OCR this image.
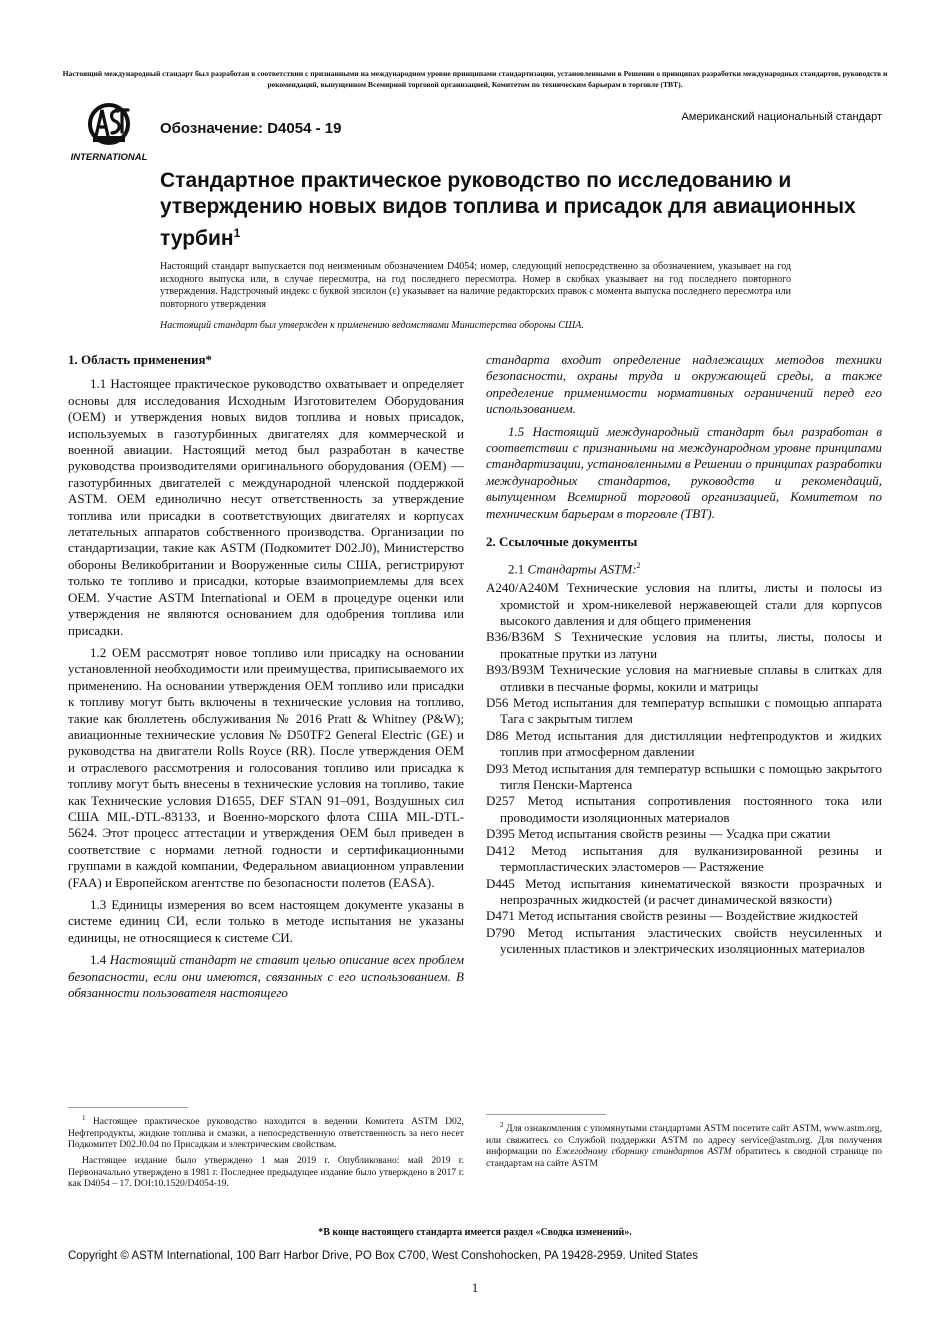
Настоящий международный стандарт был разработан в соответствии с признанными на международном уровне принципами стандартизации, установленными в Решении о принципах разработки международных стандартов, руководств и рекомендаций, выпущенном Всемирной торговой организацией, Комитетом по техническим барьерам в торговле (ТВТ).
INTERNATIONAL
Обозначение: D4054 - 19
Американский национальный стандарт
Стандартное практическое руководство по исследованию и утверждению новых видов топлива и присадок для авиационных турбин$^1$
Настоящий стандарт выпускается под неизменным обозначением D4054; номер, следующий непосредственно за обозначением, указывает на год исходного выпуска или, в случае пересмотра, на год последнего пересмотра. Номер в скобках указывает на год последнего повторного утверждения. Надстрочный индекс с буквой эпсилон (ε) указывает на наличие редакторских правок с момента выпуска последнего пересмотра или повторного утверждения
Настоящий стандарт был утвержден к применению ведомствами Министерства обороны США.
1. Область применения*
1.1 Настоящее практическое руководство охватывает и определяет основы для исследования Исходным Изготовителем Оборудования (OEM) и утверждения новых видов топлива и новых присадок, используемых в газотурбинных двигателях для коммерческой и военной авиации. Настоящий метод был разработан в качестве руководства производителями оригинального оборудования (OEM) — газотурбинных двигателей с международной членской поддержкой ASTM. OEM единолично несут ответственность за утверждение топлива или присадки в соответствующих двигателях и корпусах летательных аппаратов собственного производства. Организации по стандартизации, такие как ASTM (Подкомитет D02.J0), Министерство обороны Великобритании и Вооруженные силы США, регистрируют только те топливо и присадки, которые взаимоприемлемы для всех OEM. Участие ASTM International и OEM в процедуре оценки или утверждения не являются основанием для одобрения топлива или присадки.
1.2 OEM рассмотрят новое топливо или присадку на основании установленной необходимости или преимущества, приписываемого их применению. На основании утверждения OEM топливо или присадки к топливу могут быть включены в технические условия на топливо, такие как бюллетень обслуживания № 2016 Pratt & Whitney (P&W); авиационные технические условия № D50TF2 General Electric (GE) и руководства на двигатели Rolls Royce (RR). После утверждения OEM и отраслевого рассмотрения и голосования топливо или присадка к топливу могут быть внесены в технические условия на топливо, такие как Технические условия D1655, DEF STAN 91–091, Воздушных сил США MIL-DTL-83133, и Военно-морского флота США MIL-DTL-5624. Этот процесс аттестации и утверждения OEM был приведен в соответствие с нормами летной годности и сертификационными группами в каждой компании, Федеральном авиационном управлении (FAA) и Европейском агентстве по безопасности полетов (EASA).
1.3 Единицы измерения во всем настоящем документе указаны в системе единиц СИ, если только в методе испытания не указаны единицы, не относящиеся к системе СИ.
1.4 Настоящий стандарт не ставит целью описание всех проблем безопасности, если они имеются, связанных с его использованием. В обязанности пользователя настоящего

$^1$ Настоящее практическое руководство находится в ведении Комитета ASTM D02, Нефтепродукты, жидкие топлива и смазки, а непосредственную ответственность за него несет Подкомитет D02.J0.04 по Присадкам и электрическим свойствам.

Настоящее издание было утверждено 1 мая 2019 г. Опубликовано: май 2019 г. Первоначально утверждено в 1981 г. Последнее предыдущее издание было утверждено в 2017 г. как D4054 – 17. DOI:10.1520/D4054-19.

стандарта входит определение надлежащих методов техники безопасности, охраны труда и окружающей среды, а также определение применимости нормативных ограничений перед его использованием.
1.5 Настоящий международный стандарт был разработан в соответствии с признанными на международном уровне принципами стандартизации, установленными в Решении о принципах разработки международных стандартов, руководств и рекомендаций, выпущенном Всемирной торговой организацией, Комитетом по техническим барьерам в торговле (TBT).
2. Ссылочные документы
2.1 Стандарты ASTM:$^2$
A240/A240M Технические условия на плиты, листы и полосы из хромистой и хром-никелевой нержавеющей стали для корпусов высокого давления и для общего применения
B36/B36M S Технические условия на плиты, листы, полосы и прокатные прутки из латуни
B93/B93M Технические условия на магниевые сплавы в слитках для отливки в песчаные формы, кокили и матрицы
D56 Метод испытания для температур вспышки с помощью аппарата Тага с закрытым тиглем
D86 Метод испытания для дистилляции нефтепродуктов и жидких топлив при атмосферном давлении
D93 Метод испытания для температур вспышки с помощью закрытого тигля Пенски-Мартенса
D257 Метод испытания сопротивления постоянного тока или проводимости изоляционных материалов
D395 Метод испытания свойств резины — Усадка при сжатии
D412 Метод испытания для вулканизированной резины и термопластических эластомеров — Растяжение
D445 Метод испытания кинематической вязкости прозрачных и непрозрачных жидкостей (и расчет динамической вязкости)
D471 Метод испытания свойств резины — Воздействие жидкостей
D790 Метод испытания эластических свойств неусиленных и усиленных пластиков и электрических изоляционных материалов

$^2$ Для ознакомления с упомянутыми стандартами ASTM посетите сайт ASTM, www.astm.org, или свяжитесь со Службой поддержки ASTM по адресу service@astm.org. Для получения информации по Ежегодному сборнику стандартов ASTM обратитесь к сводной странице по стандартам на сайте ASTM

*В конце настоящего стандарта имеется раздел «Сводка изменений».
Copyright © ASTM International, 100 Barr Harbor Drive, PO Box C700, West Conshohocken, PA 19428-2959. United States
1
